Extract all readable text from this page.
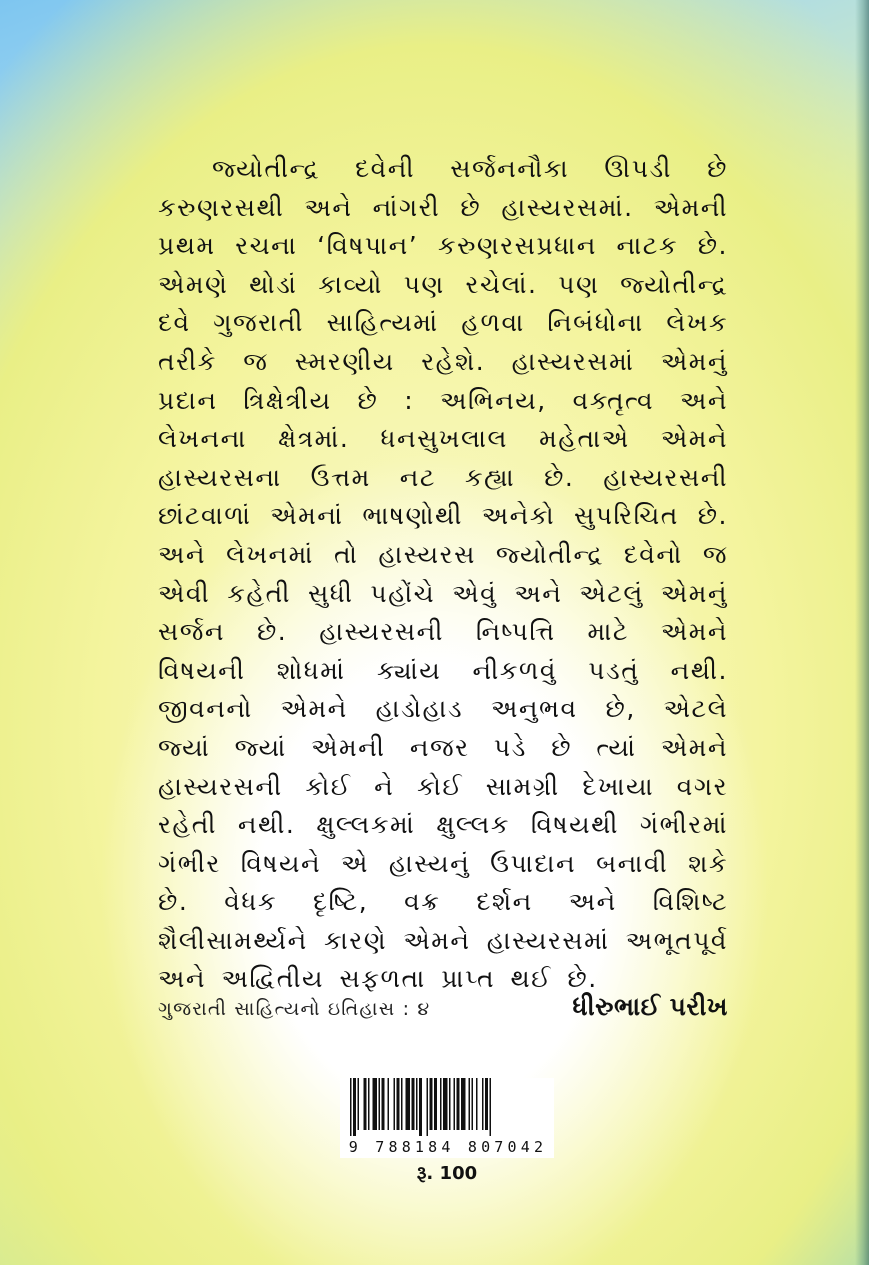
જ્યોતીન્દ્ર દવેની સર્જનનૌકા ઊપડી છે કરુણરસથી અને નાંગરી છે હાસ્યરસમાં. એમની પ્રથમ રચના ‘વિષપાન’ કરુણરસપ્રધાન નાટક છે. એમણે થોડાં કાવ્યો પણ રચેલાં. પણ જ્યોતીન્દ્ર દવે ગુજરાતી સાહિત્યમાં હળવા નિબંધોના લેખક તરીકે જ સ્મરણીય રહેશે. હાસ્યરસમાં એમનું પ્રદાન ત્રિક્ષેત્રીય છે : અભિનય, વક્તૃત્વ અને લેખનના ક્ષેત્રમાં. ધનસુખલાલ મહેતાએ એમને હાસ્યરસના ઉત્તમ નટ કહ્યા છે. હાસ્યરસની છાંટવાળાં એમનાં ભાષણોથી અનેકો સુપરિચિત છે. અને લેખનમાં તો હાસ્યરસ જ્યોતીન્દ્ર દવેનો જ એવી કહેતી સુધી પહોંચે એવું અને એટલું એમનું સર્જન છે. હાસ્યરસની નિષ્પત્તિ માટે એમને વિષયની શોધમાં ક્યાંય નીકળવું પડતું નથી. જીવનનો એમને હાડોહાડ અનુભવ છે, એટલે જ્યાં જ્યાં એમની નજર પડે છે ત્યાં એમને હાસ્યરસની કોઈ ને કોઈ સામગ્રી દેખાયા વગર રહેતી નથી. ક્ષુલ્લકમાં ક્ષુલ્લક વિષયથી ગંભીરમાં ગંભીર વિષયને એ હાસ્યનું ઉપાદાન બનાવી શકે છે. વેધક દૃષ્ટિ, વક્ર દર્શન અને વિશિષ્ટ શૈલીસામર્થ્યને કારણે એમને હાસ્યરસમાં અભૂતપૂર્વ અને અદ્વિતીય સફળતા પ્રાપ્ત થઈ છે.

ગુજરાતી સાહિત્યનો ઇતિહાસ : ૪	ધીરુભાઈ પરીખ
9 788184 807042
રૂ. 100
